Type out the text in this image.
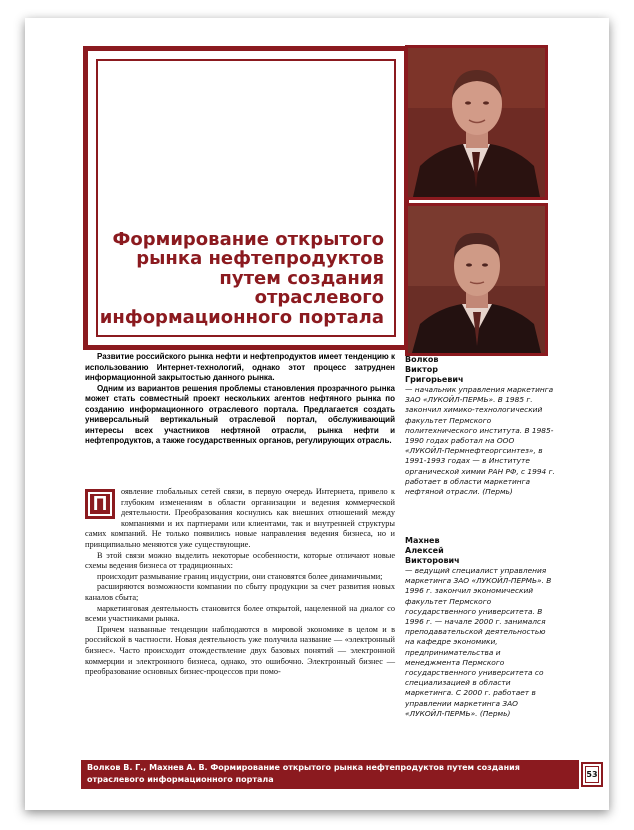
Формирование открытого рынка нефтепродуктов путем создания отраслевого информационного портала

Развитие российского рынка нефти и нефтепродуктов имеет тенденцию к использованию Интернет-технологий, однако этот процесс затруднен информационной закрытостью данного рынка.

Одним из вариантов решения проблемы становления прозрачного рынка может стать совместный проект нескольких агентов нефтяного рынка по созданию информационного отраслевого портала. Предлагается создать универсальный вертикальный отраслевой портал, обслуживающий интересы всех участников нефтяной отрасли, рынка нефти и нефтепродуктов, а также государственных органов, регулирующих отрасль.

П
оявление глобальных сетей связи, в первую очередь Интернета, привело к глубоким изменениям в области организации и ведения коммерческой деятельности. Преобразования коснулись как внешних отношений между компаниями и их партнерами или клиентами, так и внутренней структуры самих компаний. Не только появились новые направления ведения бизнеса, но и принципиально меняются уже существующие.

В этой связи можно выделить некоторые особенности, которые отличают новые схемы ведения бизнеса от традиционных:

происходит размывание границ индустрии, они становятся более динамичными;

расширяются возможности компании по сбыту продукции за счет развития новых каналов сбыта;

маркетинговая деятельность становится более открытой, нацеленной на диалог со всеми участниками рынка.

Причем названные тенденции наблюдаются в мировой экономике в целом и в российской в частности. Новая деятельность уже получила название — «электронный бизнес». Часто происходит отождествление двух базовых понятий — электронной коммерции и электронного бизнеса, однако, это ошибочно. Электронный бизнес — преобразование основных бизнес-процессов при помо-

Волков

Виктор

Григорьевич

— начальник управления маркетинга ЗАО «ЛУКОЙЛ-ПЕРМЬ». В 1985 г. закончил химико-технологический факультет Пермского политехнического института. В 1985-1990 годах работал на ООО «ЛУКОЙЛ-Пермнефтеоргсинтез», в 1991-1993 годах — в Институте органической химии РАН РФ, с 1994 г. работает в области маркетинга нефтяной отрасли. (Пермь)

Махнев

Алексей

Викторович

— ведущий специалист управления маркетинга ЗАО «ЛУКОЙЛ-ПЕРМЬ». В 1996 г. закончил экономический факультет Пермского государственного университета. В 1996 г. — начале 2000 г. занимался преподавательской деятельностью на кафедре экономики, предпринимательства и менеджмента Пермского государственного университета со специализацией в области маркетинга. С 2000 г. работает в управлении маркетинга ЗАО «ЛУКОЙЛ-ПЕРМЬ». (Пермь)

Волков В. Г., Махнев А. В. Формирование открытого рынка нефтепродуктов путем создания отраслевого информационного портала

53
